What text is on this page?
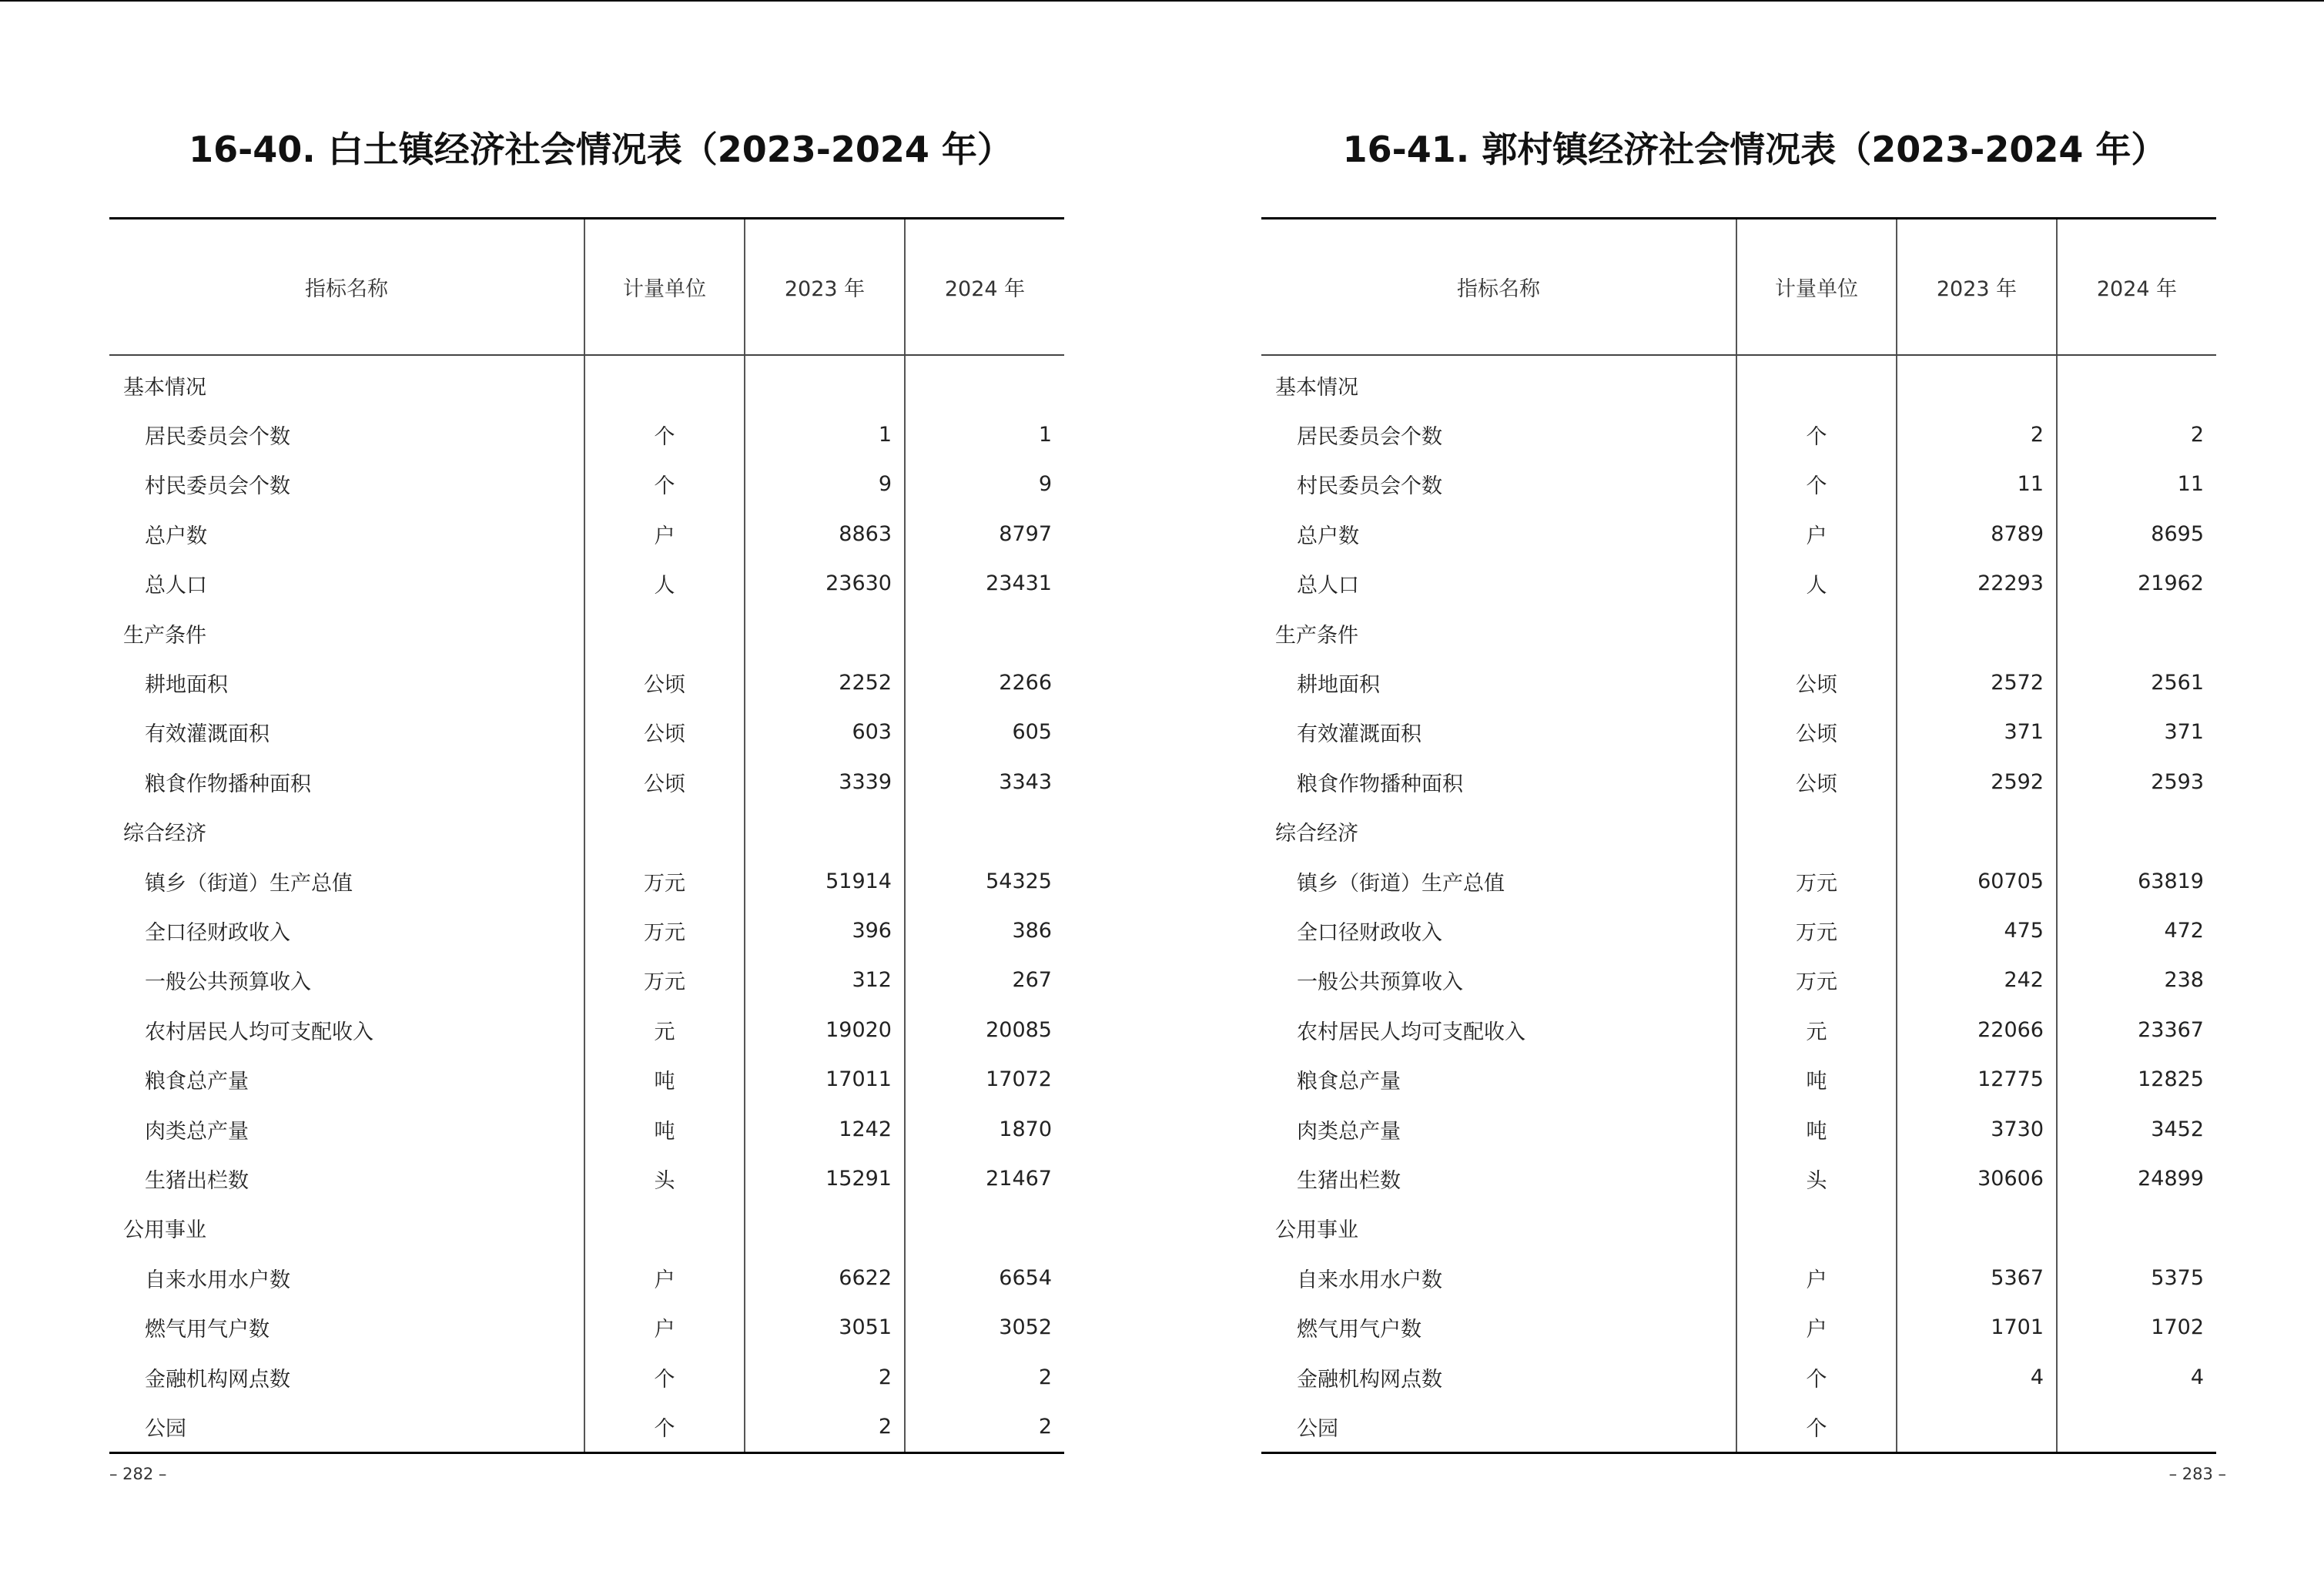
16-40. 白土镇经济社会情况表（2023-2024 年）
指标名称	计量单位	2023 年	2024 年
基本情况			
居民委员会个数	个	1	1
村民委员会个数	个	9	9
总户数	户	8863	8797
总人口	人	23630	23431
生产条件			
耕地面积	公顷	2252	2266
有效灌溉面积	公顷	603	605
粮食作物播种面积	公顷	3339	3343
综合经济			
镇乡（街道）生产总值	万元	51914	54325
全口径财政收入	万元	396	386
一般公共预算收入	万元	312	267
农村居民人均可支配收入	元	19020	20085
粮食总产量	吨	17011	17072
肉类总产量	吨	1242	1870
生猪出栏数	头	15291	21467
公用事业			
自来水用水户数	户	6622	6654
燃气用气户数	户	3051	3052
金融机构网点数	个	2	2
公园	个	2	2
– 282 –
16-41. 郭村镇经济社会情况表（2023-2024 年）
指标名称	计量单位	2023 年	2024 年
基本情况			
居民委员会个数	个	2	2
村民委员会个数	个	11	11
总户数	户	8789	8695
总人口	人	22293	21962
生产条件			
耕地面积	公顷	2572	2561
有效灌溉面积	公顷	371	371
粮食作物播种面积	公顷	2592	2593
综合经济			
镇乡（街道）生产总值	万元	60705	63819
全口径财政收入	万元	475	472
一般公共预算收入	万元	242	238
农村居民人均可支配收入	元	22066	23367
粮食总产量	吨	12775	12825
肉类总产量	吨	3730	3452
生猪出栏数	头	30606	24899
公用事业			
自来水用水户数	户	5367	5375
燃气用气户数	户	1701	1702
金融机构网点数	个	4	4
公园	个		
– 283 –
